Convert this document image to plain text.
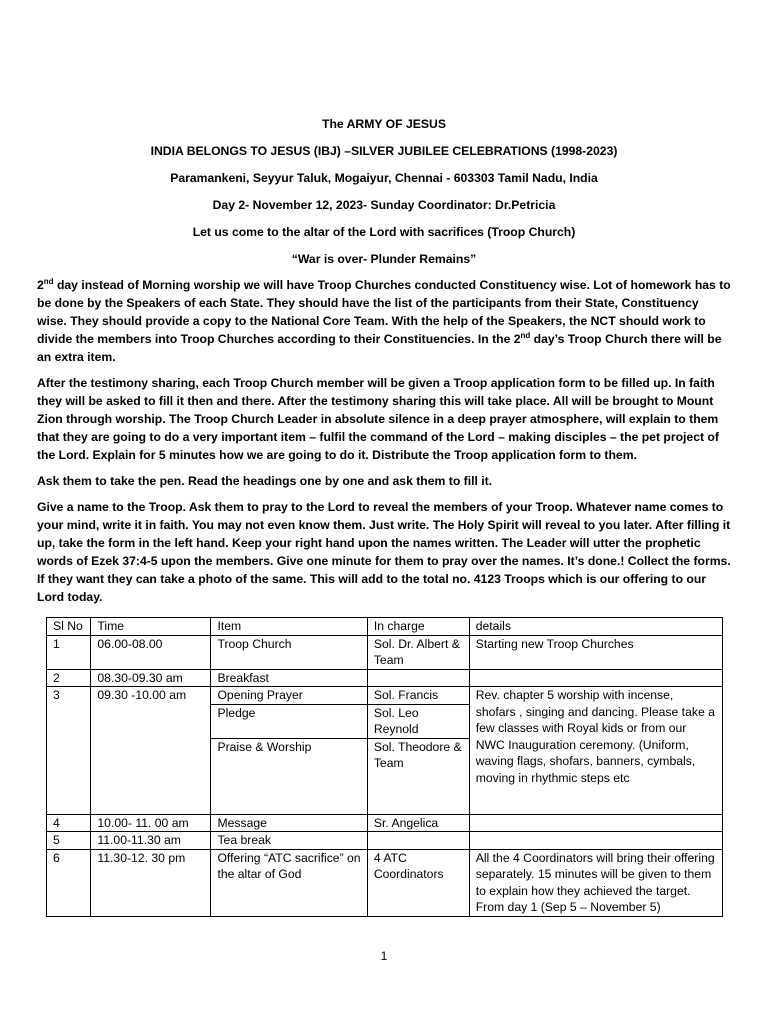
The ARMY OF JESUS
INDIA BELONGS TO JESUS (IBJ) –SILVER JUBILEE CELEBRATIONS (1998-2023)
Paramankeni, Seyyur Taluk, Mogaiyur, Chennai - 603303 Tamil Nadu, India
Day 2- November 12, 2023- Sunday Coordinator: Dr.Petricia
Let us come to the altar of the Lord with sacrifices (Troop Church)
“War is over- Plunder Remains”

2nd day instead of Morning worship we will have Troop Churches conducted Constituency wise. Lot of homework has to be done by the Speakers of each State. They should have the list of the participants from their State, Constituency wise. They should provide a copy to the National Core Team. With the help of the Speakers, the NCT should work to divide the members into Troop Churches according to their Constituencies. In the 2nd day’s Troop Church there will be an extra item.

After the testimony sharing, each Troop Church member will be given a Troop application form to be filled up. In faith they will be asked to fill it then and there. After the testimony sharing this will take place. All will be brought to Mount Zion through worship. The Troop Church Leader in absolute silence in a deep prayer atmosphere, will explain to them that they are going to do a very important item – fulfil the command of the Lord – making disciples – the pet project of the Lord. Explain for 5 minutes how we are going to do it. Distribute the Troop application form to them.

Ask them to take the pen. Read the headings one by one and ask them to fill it.

Give a name to the Troop. Ask them to pray to the Lord to reveal the members of your Troop. Whatever name comes to your mind, write it in faith. You may not even know them. Just write. The Holy Spirit will reveal to you later. After filling it up, take the form in the left hand. Keep your right hand upon the names written. The Leader will utter the prophetic words of Ezek 37:4-5 upon the members. Give one minute for them to pray over the names. It’s done.! Collect the forms. If they want they can take a photo of the same. This will add to the total no. 4123 Troops which is our offering to our Lord today.

Sl No	Time	Item	In charge	details
1	06.00-08.00	Troop Church	Sol. Dr. Albert & Team	Starting new Troop Churches
2	08.30-09.30 am	Breakfast		
3	09.30 -10.00 am	Opening Prayer	Sol. Francis	Rev. chapter 5 worship with incense, shofars , singing and dancing. Please take a few classes with Royal kids or from our NWC Inauguration ceremony. (Uniform, waving flags, shofars, banners, cymbals, moving in rhythmic steps etc
		Pledge	Sol. Leo Reynold	
		Praise & Worship	Sol. Theodore & Team	
4	10.00- 11. 00 am	Message	Sr. Angelica	
5	11.00-11.30 am	Tea break		
6	11.30-12. 30 pm	Offering “ATC sacrifice” on the altar of God	4 ATC Coordinators	All the 4 Coordinators will bring their offering separately. 15 minutes will be given to them to explain how they achieved the target. From day 1 (Sep 5 – November 5)
1
